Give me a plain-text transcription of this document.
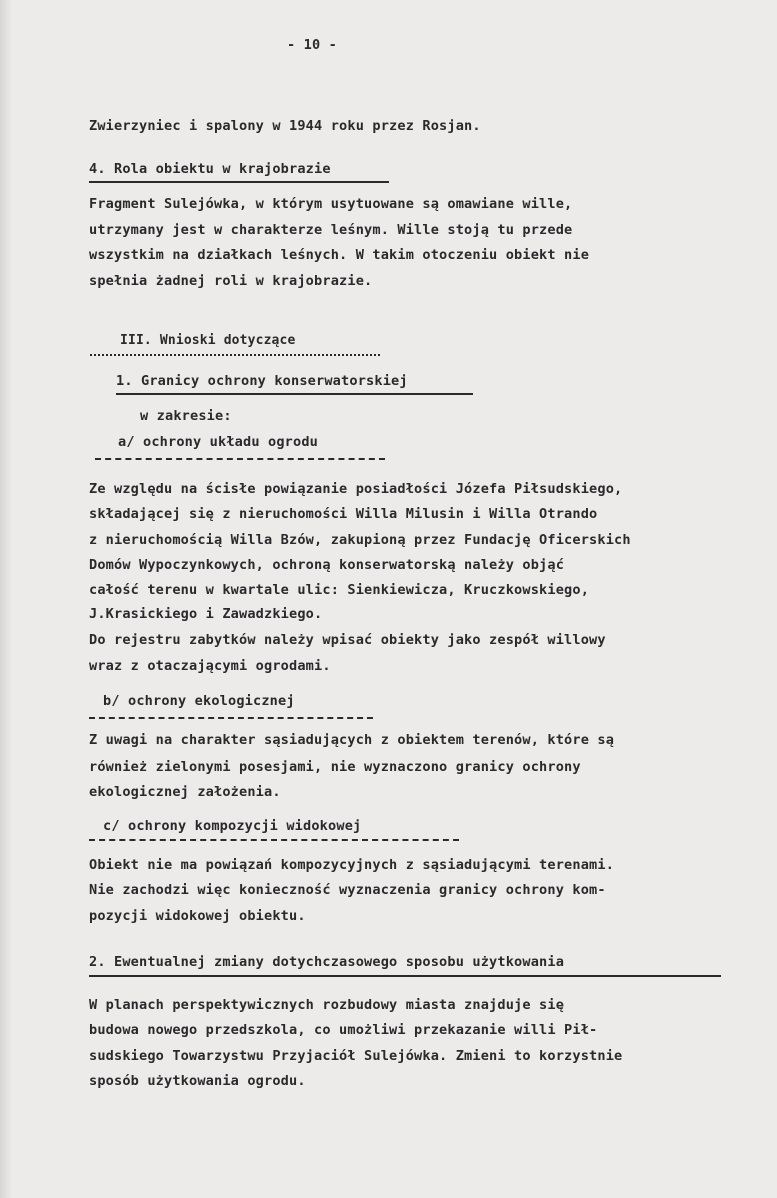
- 10 -
Zwierzyniec i spalony w 1944 roku przez Rosjan.
4. Rola obiektu w krajobrazie
Fragment Sulejówka, w którym usytuowane są omawiane wille,
utrzymany jest w charakterze leśnym. Wille stoją tu przede
wszystkim na działkach leśnych. W takim otoczeniu obiekt nie
spełnia żadnej roli w krajobrazie.
III. Wnioski dotyczące
1. Granicy ochrony konserwatorskiej
w zakresie:
a/ ochrony układu ogrodu
Ze względu na ścisłe powiązanie posiadłości Józefa Piłsudskiego,
składającej się z nieruchomości Willa Milusin i Willa Otrando
z nieruchomością Willa Bzów, zakupioną przez Fundację Oficerskich
Domów Wypoczynkowych, ochroną konserwatorską należy objąć
całość terenu w kwartale ulic: Sienkiewicza, Kruczkowskiego,
J.Krasickiego i Zawadzkiego.
Do rejestru zabytków należy wpisać obiekty jako zespół willowy
wraz z otaczającymi ogrodami.
b/ ochrony ekologicznej
Z uwagi na charakter sąsiadujących z obiektem terenów, które są
również zielonymi posesjami, nie wyznaczono granicy ochrony
ekologicznej założenia.
c/ ochrony kompozycji widokowej
Obiekt nie ma powiązań kompozycyjnych z sąsiadującymi terenami.
Nie zachodzi więc konieczność wyznaczenia granicy ochrony kom-
pozycji widokowej obiektu.
2. Ewentualnej zmiany dotychczasowego sposobu użytkowania
W planach perspektywicznych rozbudowy miasta znajduje się
budowa nowego przedszkola, co umożliwi przekazanie willi Pił-
sudskiego Towarzystwu Przyjaciół Sulejówka. Zmieni to korzystnie
sposób użytkowania ogrodu.
